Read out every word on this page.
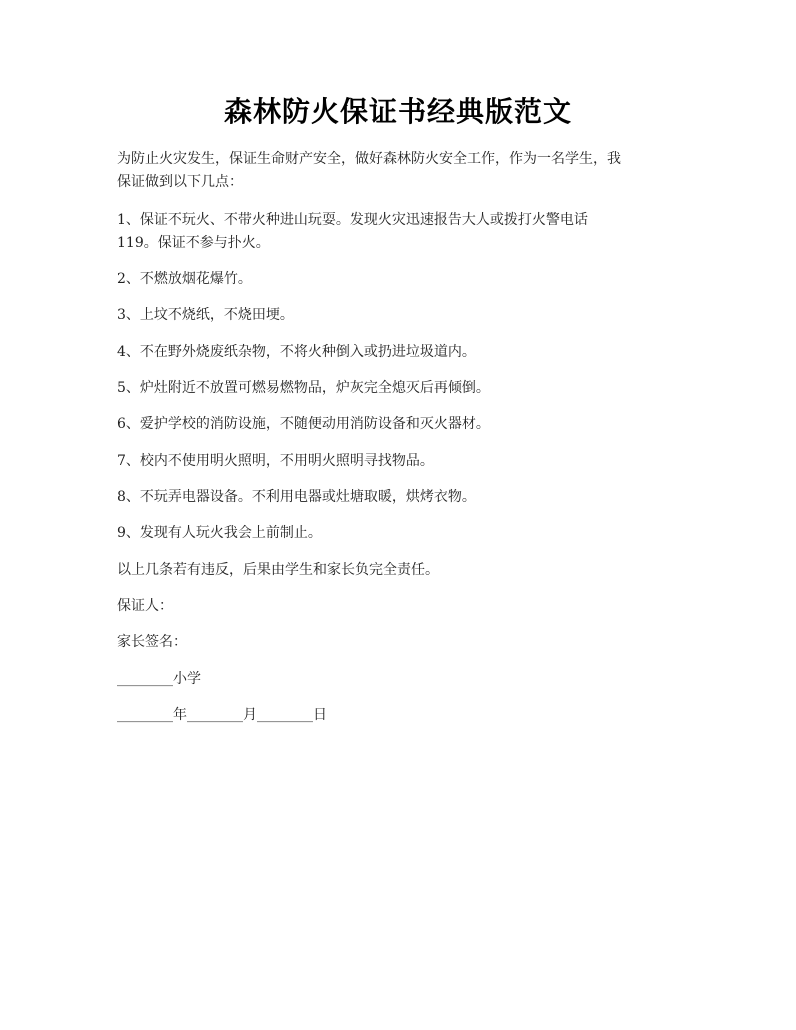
森林防火保证书经典版范文
为防止火灾发生，保证生命财产安全，做好森林防火安全工作，作为一名学生，我
保证做到以下几点：
1、保证不玩火、不带火种进山玩耍。发现火灾迅速报告大人或拨打火警电话
119。保证不参与扑火。
2、不燃放烟花爆竹。
3、上坟不烧纸，不烧田埂。
4、不在野外烧废纸杂物，不将火种倒入或扔进垃圾道内。
5、炉灶附近不放置可燃易燃物品，炉灰完全熄灭后再倾倒。
6、爱护学校的消防设施，不随便动用消防设备和灭火器材。
7、校内不使用明火照明，不用明火照明寻找物品。
8、不玩弄电器设备。不利用电器或灶塘取暖，烘烤衣物。
9、发现有人玩火我会上前制止。
以上几条若有违反，后果由学生和家长负完全责任。
保证人：
家长签名：
________小学
________年________月________日
